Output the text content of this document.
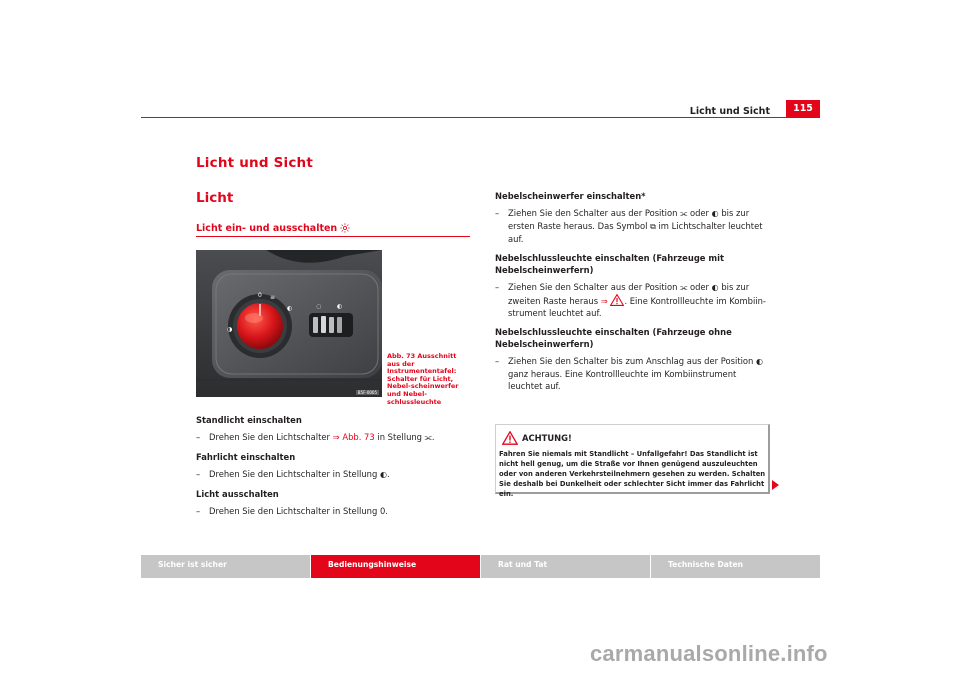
Licht und Sicht	115
Licht und Sicht
Licht
Licht ein- und ausschalten
0 ≡
◐
◑
◌	◐
B5F-0005
Abb. 73 Ausschnitt aus der Instrumententafel: Schalter für Licht, Nebel-scheinwerfer und Nebel-schlussleuchte
Standlicht einschalten
–	Drehen Sie den Lichtschalter ⇒ Abb. 73 in Stellung ⫘.
Fahrlicht einschalten
–	Drehen Sie den Lichtschalter in Stellung ◐.
Licht ausschalten
–	Drehen Sie den Lichtschalter in Stellung 0.
Nebelscheinwerfer einschalten*
–	Ziehen Sie den Schalter aus der Position ⫘ oder ◐ bis zur ersten Raste heraus. Das Symbol ⧉ im Lichtschalter leuchtet auf.
Nebelschlussleuchte einschalten (Fahrzeuge mit Nebelscheinwerfern)
–	Ziehen Sie den Schalter aus der Position ⫘ oder ◐ bis zur zweiten Raste heraus ⇒ . Eine Kontrollleuchte im Kombiin-strument leuchtet auf.
Nebelschlussleuchte einschalten (Fahrzeuge ohne Nebelscheinwerfern)
–	Ziehen Sie den Schalter bis zum Anschlag aus der Position ◐ ganz heraus. Eine Kontrollleuchte im Kombiinstrument leuchtet auf.
ACHTUNG!
Fahren Sie niemals mit Standlicht – Unfallgefahr! Das Standlicht ist nicht hell genug, um die Straße vor Ihnen genügend auszuleuchten oder von anderen Verkehrsteilnehmern gesehen zu werden. Schalten Sie deshalb bei Dunkelheit oder schlechter Sicht immer das Fahrlicht ein.
Sicher ist sicher	Bedienungshinweise	Rat und Tat	Technische Daten
carmanualsonline.info
